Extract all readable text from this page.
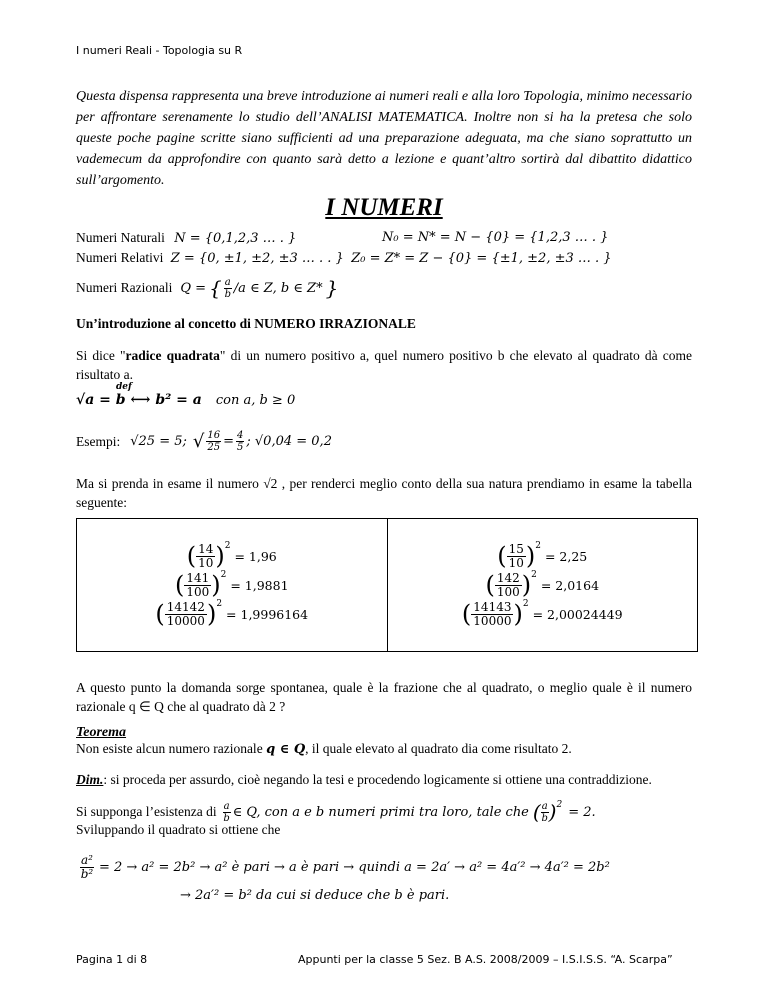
I numeri Reali - Topologia su R
Questa dispensa rappresenta una breve introduzione ai numeri reali e alla loro Topologia, minimo necessario per affrontare serenamente lo studio dell’ANALISI MATEMATICA. Inoltre non si ha la pretesa che solo queste poche pagine scritte siano sufficienti ad una preparazione adeguata, ma che siano soprattutto un vademecum da approfondire con quanto sarà detto a lezione e quant’altro sortirà dal dibattito didattico sull’argomento.
I NUMERI
Numeri Naturali N = {0,1,2,3 … . }	N₀ = N* = N − {0} = {1,2,3 … . }
Numeri Relativi Z = {0, ±1, ±2, ±3 … . . } Z₀ = Z* = Z − {0} = {±1, ±2, ±3 … . }
Numeri Razionali Q = { $\frac{a}{b} /a$ ∈ Z, b ∈ Z* }
Un’introduzione al concetto di NUMERO IRRAZIONALE
Si dice "radice quadrata" di un numero positivo a, quel numero positivo b che elevato al quadrato dà come risultato a.
√a = b ⟷ b² = a
def
con a, b ≥ 0
Esempi: √25 = 5; √ $\frac{16}{25} = \frac{4}{5}$ ; √0,04 = 0,2
Ma si prenda in esame il numero √2 , per renderci meglio conto della sua natura prendiamo in esame la tabella seguente:
( 14
10 ) 2

= 1,96
( 141
100 ) 2

= 1,9881
( 14142
10000 ) 2

= 1,9996164

( 15
10 ) 2

= 2,25
( 142
100 ) 2

= 2,0164
( 14143
10000 ) 2

= 2,00024449
A questo punto la domanda sorge spontanea, quale è la frazione che al quadrato, o meglio quale è il numero razionale q ∈ Q che al quadrato dà 2 ?
Teorema
Non esiste alcun numero razionale q ∈ Q, il quale elevato al quadrato dia come risultato 2.
Dim.: si proceda per assurdo, cioè negando la tesi e procedendo logicamente si ottiene una contraddizione.
Si supponga l’esistenza di $\frac{a}{b}$ ∈ Q, con a e b numeri primi tra loro, tale che ( $\frac{a}{b}$ ) 2 = 2.
Sviluppando il quadrato si ottiene che
$\frac{\text{a²}}{\text{b²}} = 2 \to a^2 = 2b^2 \to a^2$ è pari → a è pari → quindi a = 2a′ → a² = 4a′² → 4a′² = 2b²
→ 2a′² = b² da cui si deduce che b è pari.
Pagina 1 di 8	Appunti per la classe 5 Sez. B A.S. 2008/2009 – I.S.I.S.S. “A. Scarpa”
